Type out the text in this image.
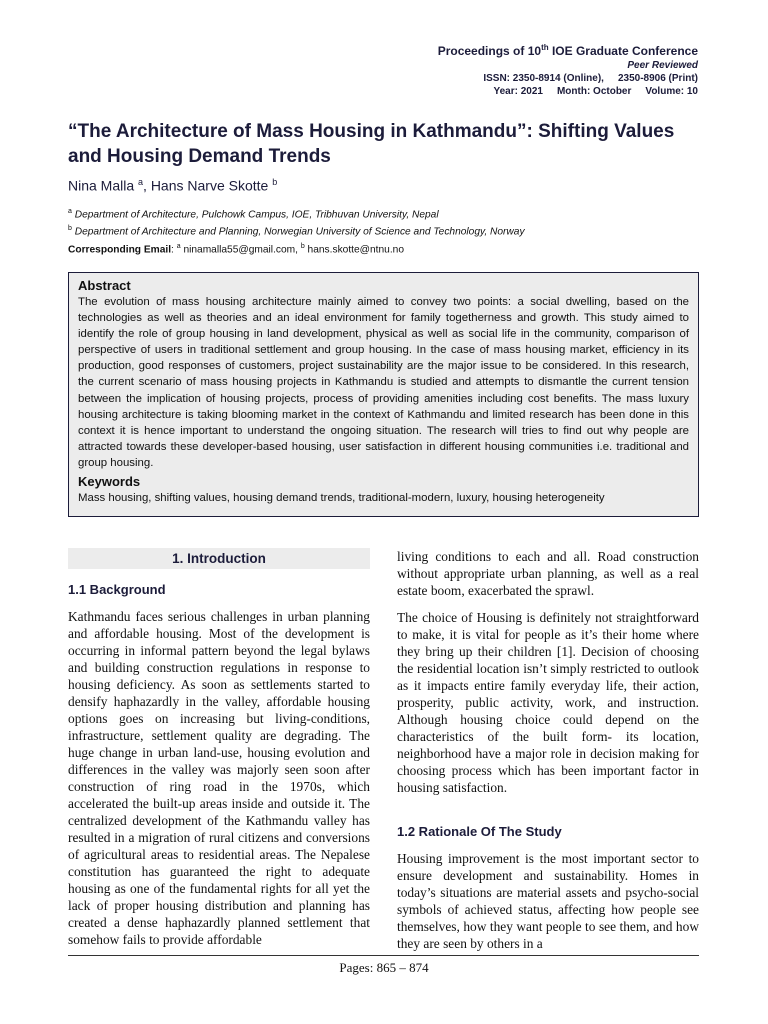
Proceedings of 10th IOE Graduate Conference
Peer Reviewed
ISSN: 2350-8914 (Online), 2350-8906 (Print)
Year: 2021 Month: October Volume: 10
“The Architecture of Mass Housing in Kathmandu”: Shifting Values and Housing Demand Trends
Nina Malla $^a$, Hans Narve Skotte $^b$
$^a$ Department of Architecture, Pulchowk Campus, IOE, Tribhuvan University, Nepal
$^b$ Department of Architecture and Planning, Norwegian University of Science and Technology, Norway
Corresponding Email: $^a$ ninamalla55@gmail.com, $^b$ hans.skotte@ntnu.no
Abstract
The evolution of mass housing architecture mainly aimed to convey two points: a social dwelling, based on the technologies as well as theories and an ideal environment for family togetherness and growth. This study aimed to identify the role of group housing in land development, physical as well as social life in the community, comparison of perspective of users in traditional settlement and group housing. In the case of mass housing market, efficiency in its production, good responses of customers, project sustainability are the major issue to be considered. In this research, the current scenario of mass housing projects in Kathmandu is studied and attempts to dismantle the current tension between the implication of housing projects, process of providing amenities including cost benefits. The mass luxury housing architecture is taking blooming market in the context of Kathmandu and limited research has been done in this context it is hence important to understand the ongoing situation. The research will tries to find out why people are attracted towards these developer-based housing, user satisfaction in different housing communities i.e. traditional and group housing.
Keywords
Mass housing, shifting values, housing demand trends, traditional-modern, luxury, housing heterogeneity
1. Introduction
1.1 Background
Kathmandu faces serious challenges in urban planning and affordable housing. Most of the development is occurring in informal pattern beyond the legal bylaws and building construction regulations in response to housing deficiency. As soon as settlements started to densify haphazardly in the valley, affordable housing options goes on increasing but living-conditions, infrastructure, settlement quality are degrading. The huge change in urban land-use, housing evolution and differences in the valley was majorly seen soon after construction of ring road in the 1970s, which accelerated the built-up areas inside and outside it. The centralized development of the Kathmandu valley has resulted in a migration of rural citizens and conversions of agricultural areas to residential areas. The Nepalese constitution has guaranteed the right to adequate housing as one of the fundamental rights for all yet the lack of proper housing distribution and planning has created a dense haphazardly planned settlement that somehow fails to provide affordable
living conditions to each and all. Road construction without appropriate urban planning, as well as a real estate boom, exacerbated the sprawl.
The choice of Housing is definitely not straightforward to make, it is vital for people as it’s their home where they bring up their children [1]. Decision of choosing the residential location isn’t simply restricted to outlook as it impacts entire family everyday life, their action, prosperity, public activity, work, and instruction. Although housing choice could depend on the characteristics of the built form- its location, neighborhood have a major role in decision making for choosing process which has been important factor in housing satisfaction.
1.2 Rationale Of The Study
Housing improvement is the most important sector to ensure development and sustainability. Homes in today’s situations are material assets and psycho-social symbols of achieved status, affecting how people see themselves, how they want people to see them, and how they are seen by others in a
Pages: 865 – 874
